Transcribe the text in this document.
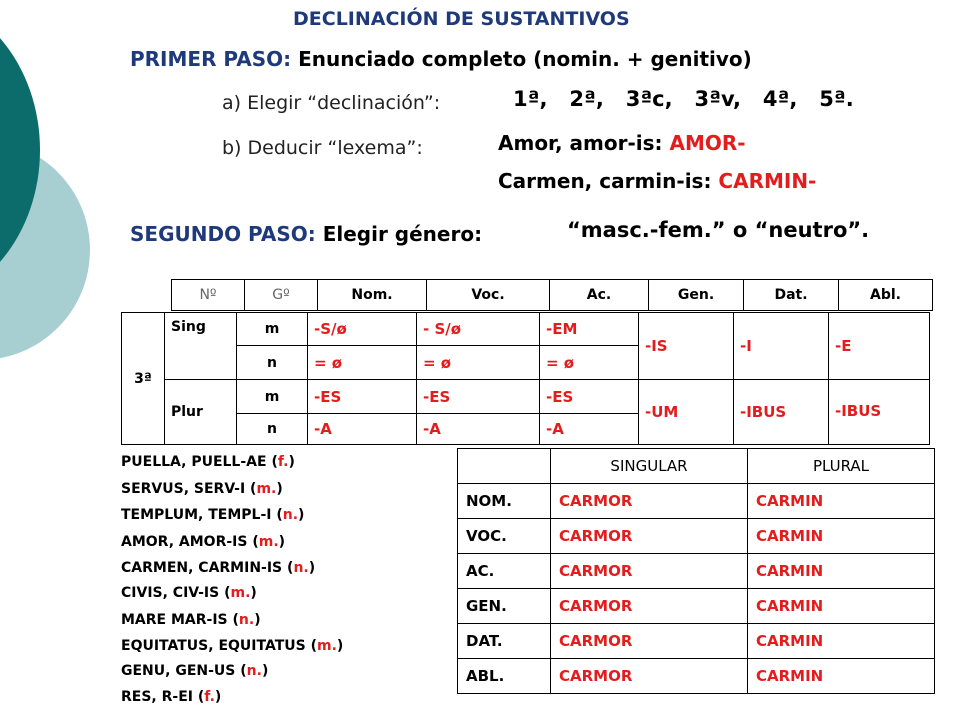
DECLINACIÓN DE SUSTANTIVOS
PRIMER PASO: Enunciado completo (nomin. + genitivo)
a) Elegir “declinación”:	1ª,   2ª,   3ªc,   3ªv,   4ª,   5ª.
b) Deducir “lexema”:	Amor, amor-is: AMOR-
Carmen, carmin-is: CARMIN-
SEGUNDO PASO: Elegir género:	“masc.-fem.” o “neutro”.
Nº	Gº	Nom.	Voc.	Ac.	Gen.	Dat.	Abl.
3ª	Sing	m	-S/ø	- S/ø	-EM	-IS	-I	-E
		n	= ø	= ø	= ø			
	Plur	m	-ES	-ES	-ES	-UM	-IBUS	-IBUS
		n	-A	-A	-A			
PUELLA, PUELL-AE (f.)
SERVUS, SERV-I (m.)
TEMPLUM, TEMPL-I (n.)
AMOR, AMOR-IS (m.)
CARMEN, CARMIN-IS (n.)
CIVIS, CIV-IS (m.)
MARE MAR-IS (n.)
EQUITATUS, EQUITATUS (m.)
GENU, GEN-US (n.)
RES, R-EI (f.)
	SINGULAR	PLURAL
NOM.	CARMOR	CARMIN
VOC.	CARMOR	CARMIN
AC.	CARMOR	CARMIN
GEN.	CARMOR	CARMIN
DAT.	CARMOR	CARMIN
ABL.	CARMOR	CARMIN
